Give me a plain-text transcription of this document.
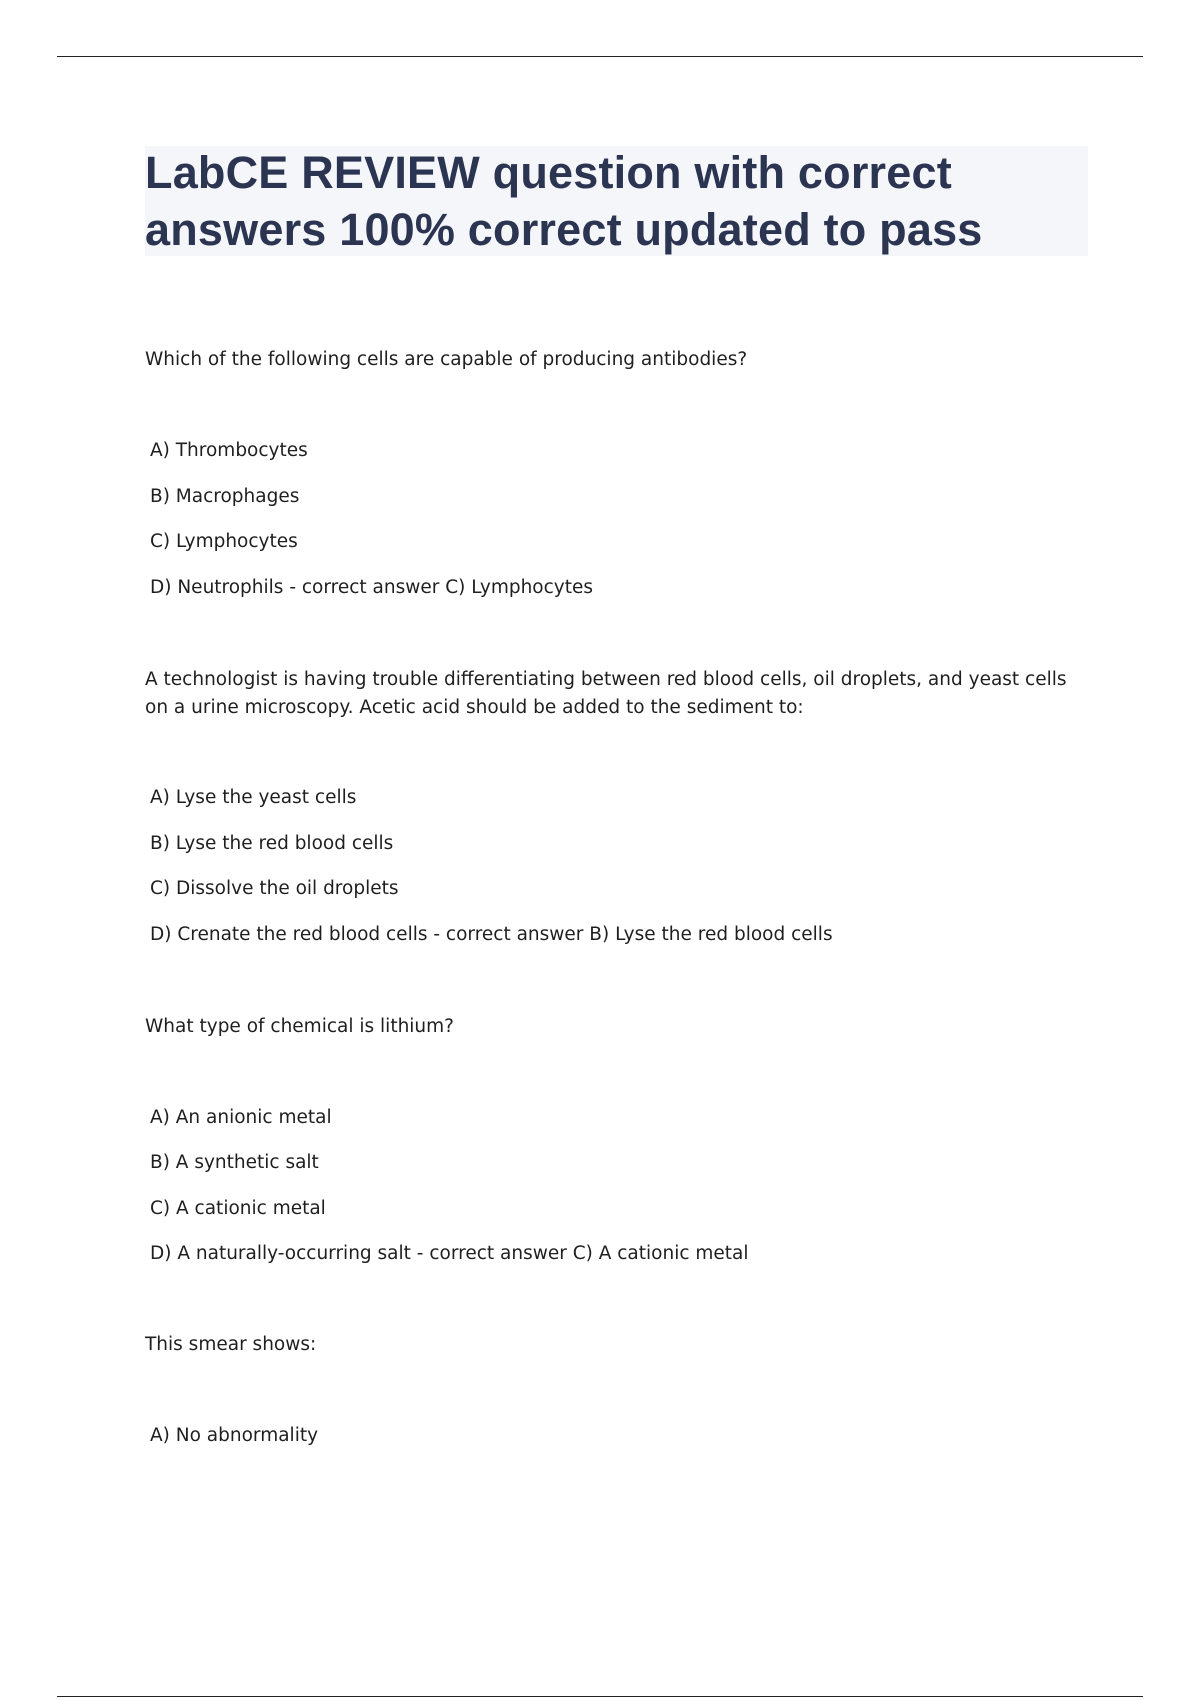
LabCE REVIEW question with correct answers 100% correct updated to pass

Which of the following cells are capable of producing antibodies?

A) Thrombocytes

B) Macrophages

C) Lymphocytes

D) Neutrophils - correct answer C) Lymphocytes

A technologist is having trouble differentiating between red blood cells, oil droplets, and yeast cells on a urine microscopy. Acetic acid should be added to the sediment to:

A) Lyse the yeast cells

B) Lyse the red blood cells

C) Dissolve the oil droplets

D) Crenate the red blood cells - correct answer B) Lyse the red blood cells

What type of chemical is lithium?

A) An anionic metal

B) A synthetic salt

C) A cationic metal

D) A naturally-occurring salt - correct answer C) A cationic metal

This smear shows:

A) No abnormality
